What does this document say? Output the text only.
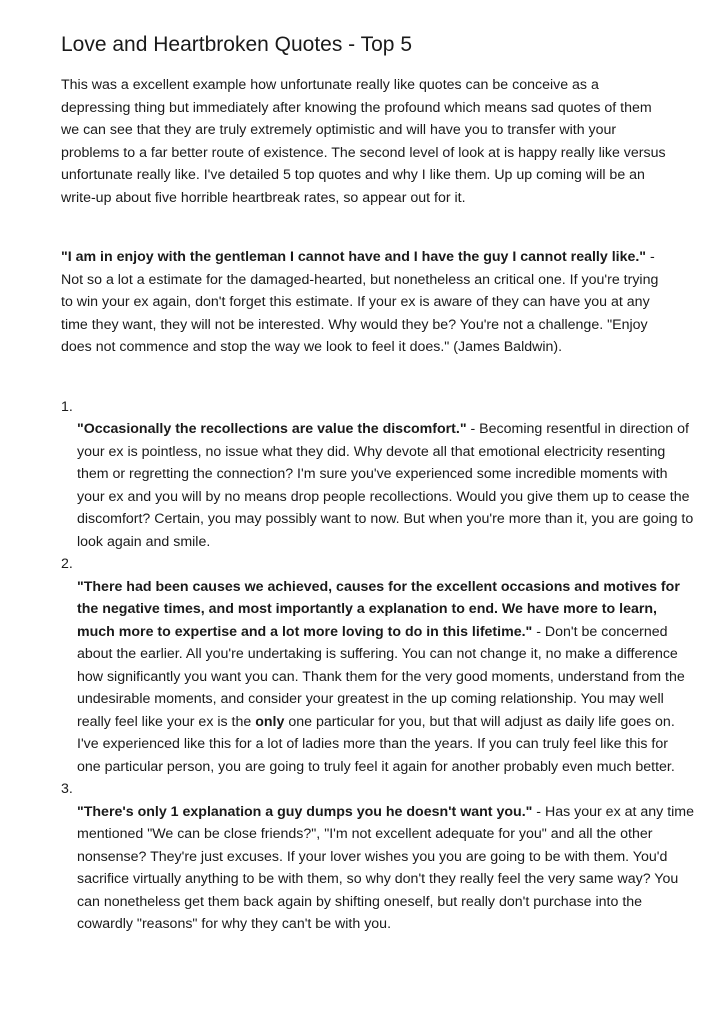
Love and Heartbroken Quotes - Top 5

This was a excellent example how unfortunate really like quotes can be conceive as a depressing thing but immediately after knowing the profound which means sad quotes of them we can see that they are truly extremely optimistic and will have you to transfer with your problems to a far better route of existence. The second level of look at is happy really like versus unfortunate really like. I've detailed 5 top quotes and why I like them. Up up coming will be an write-up about five horrible heartbreak rates, so appear out for it.

"I am in enjoy with the gentleman I cannot have and I have the guy I cannot really like." - Not so a lot a estimate for the damaged-hearted, but nonetheless an critical one. If you're trying to win your ex again, don't forget this estimate. If your ex is aware of they can have you at any time they want, they will not be interested. Why would they be? You're not a challenge. "Enjoy does not commence and stop the way we look to feel it does." (James Baldwin).

1.
"Occasionally the recollections are value the discomfort." - Becoming resentful in direction of your ex is pointless, no issue what they did. Why devote all that emotional electricity resenting them or regretting the connection? I'm sure you've experienced some incredible moments with your ex and you will by no means drop people recollections. Would you give them up to cease the discomfort? Certain, you may possibly want to now. But when you're more than it, you are going to look again and smile.
2.
"There had been causes we achieved, causes for the excellent occasions and motives for the negative times, and most importantly a explanation to end. We have more to learn, much more to expertise and a lot more loving to do in this lifetime." - Don't be concerned about the earlier. All you're undertaking is suffering. You can not change it, no make a difference how significantly you want you can. Thank them for the very good moments, understand from the undesirable moments, and consider your greatest in the up coming relationship. You may well really feel like your ex is the only one particular for you, but that will adjust as daily life goes on. I've experienced like this for a lot of ladies more than the years. If you can truly feel like this for one particular person, you are going to truly feel it again for another probably even much better.
3.
"There's only 1 explanation a guy dumps you he doesn't want you." - Has your ex at any time mentioned "We can be close friends?", "I'm not excellent adequate for you" and all the other nonsense? They're just excuses. If your lover wishes you you are going to be with them. You'd sacrifice virtually anything to be with them, so why don't they really feel the very same way? You can nonetheless get them back again by shifting oneself, but really don't purchase into the cowardly "reasons" for why they can't be with you.
